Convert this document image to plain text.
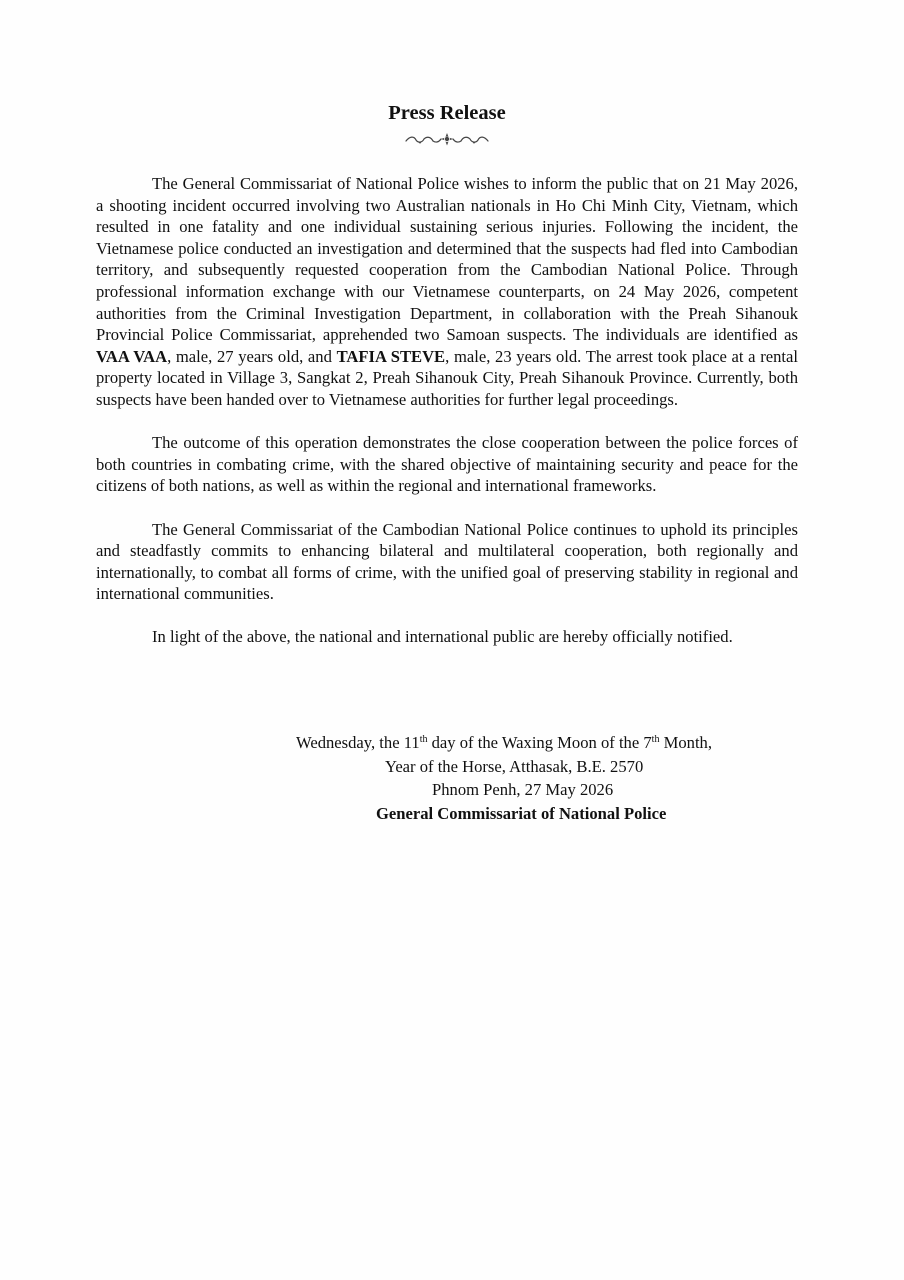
Press Release

The General Commissariat of National Police wishes to inform the public that on 21 May 2026, a shooting incident occurred involving two Australian nationals in Ho Chi Minh City, Vietnam, which resulted in one fatality and one individual sustaining serious injuries. Following the incident, the Vietnamese police conducted an investigation and determined that the suspects had fled into Cambodian territory, and subsequently requested cooperation from the Cambodian National Police. Through professional information exchange with our Vietnamese counterparts, on 24 May 2026, competent authorities from the Criminal Investigation Department, in collaboration with the Preah Sihanouk Provincial Police Commissariat, apprehended two Samoan suspects. The individuals are identified as VAA VAA, male, 27 years old, and TAFIA STEVE, male, 23 years old. The arrest took place at a rental property located in Village 3, Sangkat 2, Preah Sihanouk City, Preah Sihanouk Province. Currently, both suspects have been handed over to Vietnamese authorities for further legal proceedings.

The outcome of this operation demonstrates the close cooperation between the police forces of both countries in combating crime, with the shared objective of maintaining security and peace for the citizens of both nations, as well as within the regional and international frameworks.

The General Commissariat of the Cambodian National Police continues to uphold its principles and steadfastly commits to enhancing bilateral and multilateral cooperation, both regionally and internationally, to combat all forms of crime, with the unified goal of preserving stability in regional and international communities.

In light of the above, the national and international public are hereby officially notified.

Wednesday, the 11th day of the Waxing Moon of the 7th Month,
Year of the Horse, Atthasak, B.E. 2570
Phnom Penh, 27 May 2026
General Commissariat of National Police
